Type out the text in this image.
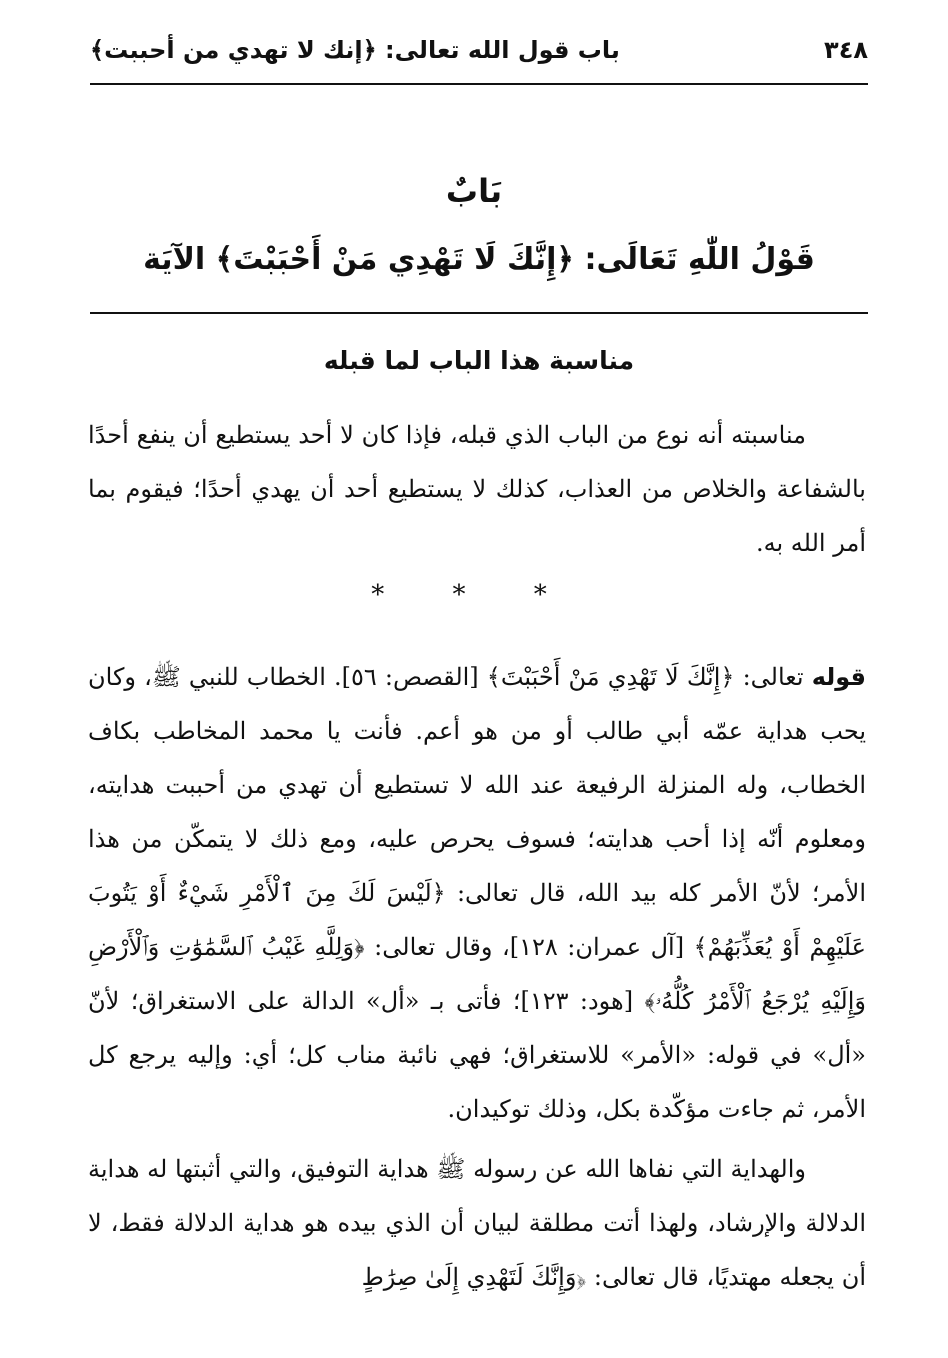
٣٤٨
باب قول الله تعالى: ﴿إنك لا تهدي من أحببت﴾
بَابٌ
قَوْلُ اللّٰهِ تَعَالَى: ﴿إِنَّكَ لَا تَهْدِي مَنْ أَحْبَبْتَ﴾ الآيَة
مناسبة هذا الباب لما قبله
مناسبته أنه نوع من الباب الذي قبله، فإذا كان لا أحد يستطيع أن ينفع أحدًا بالشفاعة والخلاص من العذاب، كذلك لا يستطيع أحد أن يهدي أحدًا؛ فيقوم بما أمر الله به.
* * *
قوله تعالى: ﴿إِنَّكَ لَا تَهْدِي مَنْ أَحْبَبْتَ﴾ [القصص: ٥٦]. الخطاب للنبي ﷺ، وكان يحب هداية عمّه أبي طالب أو من هو أعم. فأنت يا محمد المخاطب بكاف الخطاب، وله المنزلة الرفيعة عند الله لا تستطيع أن تهدي من أحببت هدايته، ومعلوم أنّه إذا أحب هدايته؛ فسوف يحرص عليه، ومع ذلك لا يتمكّن من هذا الأمر؛ لأنّ الأمر كله بيد الله، قال تعالى: ﴿لَيْسَ لَكَ مِنَ ٱلْأَمْرِ شَيْءٌ أَوْ يَتُوبَ عَلَيْهِمْ أَوْ يُعَذِّبَهُمْ﴾ [آل عمران: ١٢٨]، وقال تعالى: ﴿وَلِلَّهِ غَيْبُ ٱلسَّمَٰوَٰتِ وَٱلْأَرْضِ وَإِلَيْهِ يُرْجَعُ ٱلْأَمْرُ كُلُّهُۥ﴾ [هود: ١٢٣]؛ فأتى بـ «أل» الدالة على الاستغراق؛ لأنّ «أل» في قوله: «الأمر» للاستغراق؛ فهي نائبة مناب كل؛ أي: وإليه يرجع كل الأمر، ثم جاءت مؤكّدة بكل، وذلك توكيدان.
والهداية التي نفاها الله عن رسوله ﷺ هداية التوفيق، والتي أثبتها له هداية الدلالة والإرشاد، ولهذا أتت مطلقة لبيان أن الذي بيده هو هداية الدلالة فقط، لا أن يجعله مهتديًا، قال تعالى: ﴿وَإِنَّكَ لَتَهْدِي إِلَىٰ صِرَٰطٍ
